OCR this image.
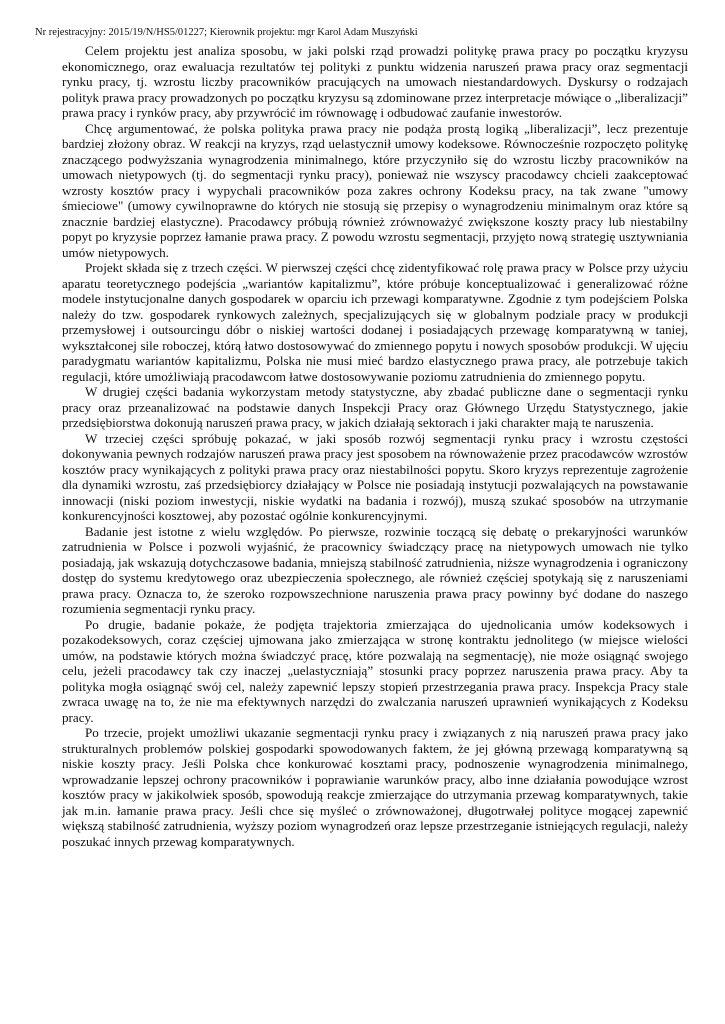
Nr rejestracyjny: 2015/19/N/HS5/01227; Kierownik projektu: mgr Karol Adam Muszyński

Celem projektu jest analiza sposobu, w jaki polski rząd prowadzi politykę prawa pracy po początku kryzysu ekonomicznego, oraz ewaluacja rezultatów tej polityki z punktu widzenia naruszeń prawa pracy oraz segmentacji rynku pracy, tj. wzrostu liczby pracowników pracujących na umowach niestandardowych. Dyskursy o rodzajach polityk prawa pracy prowadzonych po początku kryzysu są zdominowane przez interpretacje mówiące o „liberalizacji” prawa pracy i rynków pracy, aby przywrócić im równowagę i odbudować zaufanie inwestorów.

Chcę argumentować, że polska polityka prawa pracy nie podąża prostą logiką „liberalizacji”, lecz prezentuje bardziej złożony obraz. W reakcji na kryzys, rząd uelastycznił umowy kodeksowe. Równocześnie rozpoczęto politykę znaczącego podwyższania wynagrodzenia minimalnego, które przyczyniło się do wzrostu liczby pracowników na umowach nietypowych (tj. do segmentacji rynku pracy), ponieważ nie wszyscy pracodawcy chcieli zaakceptować wzrosty kosztów pracy i wypychali pracowników poza zakres ochrony Kodeksu pracy, na tak zwane "umowy śmieciowe" (umowy cywilnoprawne do których nie stosują się przepisy o wynagrodzeniu minimalnym oraz które są znacznie bardziej elastyczne). Pracodawcy próbują również zrównoważyć zwiększone koszty pracy lub niestabilny popyt po kryzysie poprzez łamanie prawa pracy. Z powodu wzrostu segmentacji, przyjęto nową strategię usztywniania umów nietypowych.

Projekt składa się z trzech części. W pierwszej części chcę zidentyfikować rolę prawa pracy w Polsce przy użyciu aparatu teoretycznego podejścia „wariantów kapitalizmu”, które próbuje konceptualizować i generalizować różne modele instytucjonalne danych gospodarek w oparciu ich przewagi komparatywne. Zgodnie z tym podejściem Polska należy do tzw. gospodarek rynkowych zależnych, specjalizujących się w globalnym podziale pracy w produkcji przemysłowej i outsourcingu dóbr o niskiej wartości dodanej i posiadających przewagę komparatywną w taniej, wykształconej sile roboczej, którą łatwo dostosowywać do zmiennego popytu i nowych sposobów produkcji. W ujęciu paradygmatu wariantów kapitalizmu, Polska nie musi mieć bardzo elastycznego prawa pracy, ale potrzebuje takich regulacji, które umożliwiają pracodawcom łatwe dostosowywanie poziomu zatrudnienia do zmiennego popytu.

W drugiej części badania wykorzystam metody statystyczne, aby zbadać publiczne dane o segmentacji rynku pracy oraz przeanalizować na podstawie danych Inspekcji Pracy oraz Głównego Urzędu Statystycznego, jakie przedsiębiorstwa dokonują naruszeń prawa pracy, w jakich działają sektorach i jaki charakter mają te naruszenia.

W trzeciej części spróbuję pokazać, w jaki sposób rozwój segmentacji rynku pracy i wzrostu częstości dokonywania pewnych rodzajów naruszeń prawa pracy jest sposobem na równoważenie przez pracodawców wzrostów kosztów pracy wynikających z polityki prawa pracy oraz niestabilności popytu. Skoro kryzys reprezentuje zagrożenie dla dynamiki wzrostu, zaś przedsiębiorcy działający w Polsce nie posiadają instytucji pozwalających na powstawanie innowacji (niski poziom inwestycji, niskie wydatki na badania i rozwój), muszą szukać sposobów na utrzymanie konkurencyjności kosztowej, aby pozostać ogólnie konkurencyjnymi.

Badanie jest istotne z wielu względów. Po pierwsze, rozwinie toczącą się debatę o prekaryjności warunków zatrudnienia w Polsce i pozwoli wyjaśnić, że pracownicy świadczący pracę na nietypowych umowach nie tylko posiadają, jak wskazują dotychczasowe badania, mniejszą stabilność zatrudnienia, niższe wynagrodzenia i ograniczony dostęp do systemu kredytowego oraz ubezpieczenia społecznego, ale również częściej spotykają się z naruszeniami prawa pracy. Oznacza to, że szeroko rozpowszechnione naruszenia prawa pracy powinny być dodane do naszego rozumienia segmentacji rynku pracy.

Po drugie, badanie pokaże, że podjęta trajektoria zmierzająca do ujednolicania umów kodeksowych i pozakodeksowych, coraz częściej ujmowana jako zmierzająca w stronę kontraktu jednolitego (w miejsce wielości umów, na podstawie których można świadczyć pracę, które pozwalają na segmentację), nie może osiągnąć swojego celu, jeżeli pracodawcy tak czy inaczej „uelastyczniają” stosunki pracy poprzez naruszenia prawa pracy. Aby ta polityka mogła osiągnąć swój cel, należy zapewnić lepszy stopień przestrzegania prawa pracy. Inspekcja Pracy stale zwraca uwagę na to, że nie ma efektywnych narzędzi do zwalczania naruszeń uprawnień wynikających z Kodeksu pracy.

Po trzecie, projekt umożliwi ukazanie segmentacji rynku pracy i związanych z nią naruszeń prawa pracy jako strukturalnych problemów polskiej gospodarki spowodowanych faktem, że jej główną przewagą komparatywną są niskie koszty pracy. Jeśli Polska chce konkurować kosztami pracy, podnoszenie wynagrodzenia minimalnego, wprowadzanie lepszej ochrony pracowników i poprawianie warunków pracy, albo inne działania powodujące wzrost kosztów pracy w jakikolwiek sposób, spowodują reakcje zmierzające do utrzymania przewag komparatywnych, takie jak m.in. łamanie prawa pracy. Jeśli chce się myśleć o zrównoważonej, długotrwałej polityce mogącej zapewnić większą stabilność zatrudnienia, wyższy poziom wynagrodzeń oraz lepsze przestrzeganie istniejących regulacji, należy poszukać innych przewag komparatywnych.
